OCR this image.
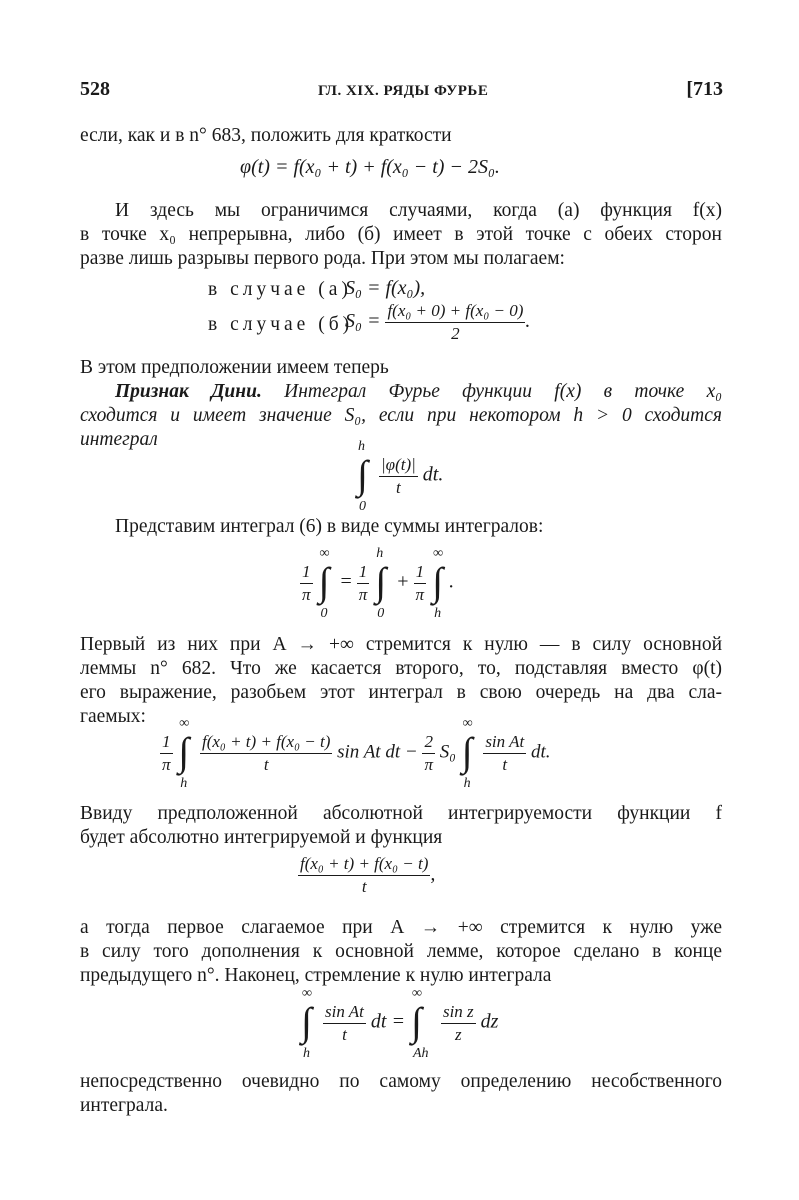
528	ГЛ. XIX. РЯДЫ ФУРЬЕ	[713
если, как и в n° 683, положить для краткости
φ(t) = f(x₀ + t) + f(x₀ − t) − 2S₀.
И здесь мы ограничимся случаями, когда (а) функция f(x)
в точке x₀ непрерывна, либо (б) имеет в этой точке с обеих сторон
разве лишь разрывы первого рода. При этом мы полагаем:
в случае (а)
S₀ = f(x₀),
в случае (б)
$S_0 = \frac{\text{f(x₀ + 0) + f(x₀ − 0)}}{2}$ .
В этом предположении имеем теперь
Признак Дини. Интеграл Фурье функции f(x) в точке x₀
сходится и имеет значение S₀, если при некотором h > 0 сходится
интеграл	h
∫
0

$\frac{|\varphi(t)|}{t}$ dt.
Представим интеграл (6) в виде суммы интегралов:
$\frac{1}{\pi}$

∞
∫
0
= $\frac{1}{\pi}$

h
∫
0
+ $\frac{1}{\pi}$

∞
∫
h
.
Первый из них при A → +∞ стремится к нулю — в силу основной
леммы n° 682. Что же касается второго, то, подставляя вместо φ(t)
его выражение, разобьем этот интеграл в свою очередь на два сла-
гаемых:
$\frac{1}{\pi}$

∞
∫
h

$\frac{\text{f(x₀ + t) + f(x₀ − t)}}{t}$ sin At dt − $\frac{2}{\pi} S_0$
∞
∫
h

$\frac{\text{sin At}}{t}$ dt.
Ввиду предположенной абсолютной интегрируемости функции f
будет абсолютно интегрируемой и функция
$\frac{\text{f(x₀ + t) + f(x₀ − t)}}{t}$ ,
а тогда первое слагаемое при A → +∞ стремится к нулю уже
в силу того дополнения к основной лемме, которое сделано в конце
предыдущего n°. Наконец, стремление к нулю интеграла
∞
∫
h

$\frac{\text{sin At}}{t}$ dt =
∞
∫
Ah

$\frac{\text{sin z}}{z}$ dz
непосредственно очевидно по самому определению несобственного
интеграла.
